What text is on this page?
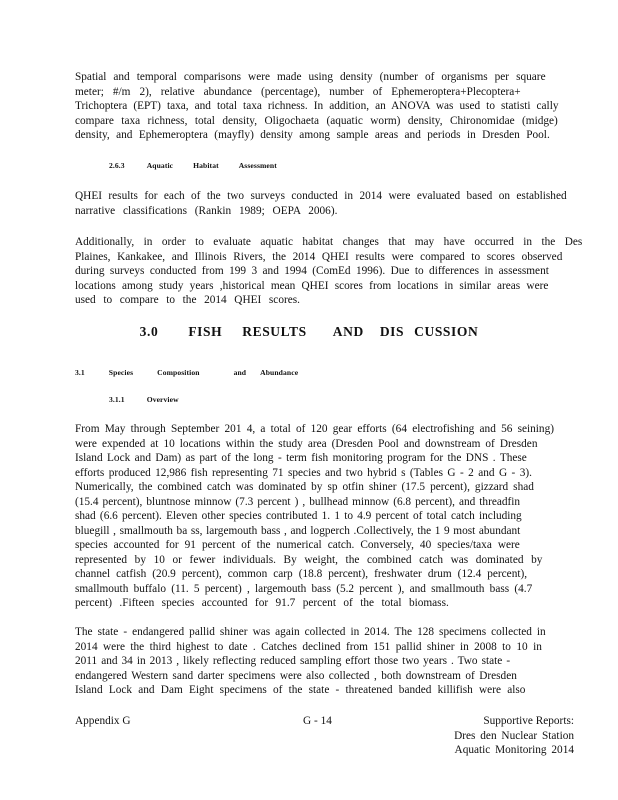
Spatial and temporal comparisons were made using density (number of organisms per square
meter; #/m 2), relative abundance (percentage), number of Ephemeroptera+Plecoptera+
Trichoptera (EPT) taxa, and total taxa richness. In addition, an ANOVA was used to statisti cally
compare taxa richness, total density, Oligochaeta (aquatic worm) density, Chironomidae (midge)
density, and Ephemeroptera (mayfly) density among sample areas and periods in Dresden Pool.
2.6.3	Aquatic	Habitat	Assessment
QHEI results for each of the two surveys conducted in 2014 were evaluated based on established
narrative classifications (Rankin 1989; OEPA 2006).
Additionally, in order to evaluate aquatic habitat changes that may have occurred in the Des
Plaines, Kankakee, and Illinois Rivers, the 2014 QHEI results were compared to scores observed
during surveys conducted from 199 3 and 1994 (ComEd 1996). Due to differences in assessment
locations among study years ,historical mean QHEI scores from locations in similar areas were
used to compare to the 2014 QHEI scores.
3.0 FISH RESULTS AND DIS CUSSION
3.1	Species	Composition	and Abundance
3.1.1	Overview
From May through September 201 4, a total of 120 gear efforts (64 electrofishing and 56 seining)
were expended at 10 locations within the study area (Dresden Pool and downstream of Dresden
Island Lock and Dam) as part of the long - term fish monitoring program for the DNS . These
efforts produced 12,986 fish representing 71 species and two hybrid s (Tables G - 2 and G - 3).
Numerically, the combined catch was dominated by sp otfin shiner (17.5 percent), gizzard shad
(15.4 percent), bluntnose minnow (7.3 percent ) , bullhead minnow (6.8 percent), and threadfin
shad (6.6 percent). Eleven other species contributed 1. 1 to 4.9 percent of total catch including
bluegill , smallmouth ba ss, largemouth bass , and logperch .Collectively, the 1 9 most abundant
species accounted for 91 percent of the numerical catch. Conversely, 40 species/taxa were
represented by 10 or fewer individuals. By weight, the combined catch was dominated by
channel catfish (20.9 percent), common carp (18.8 percent), freshwater drum (12.4 percent),
smallmouth buffalo (11. 5 percent) , largemouth bass (5.2 percent ), and smallmouth bass (4.7
percent) .Fifteen species accounted for 91.7 percent of the total biomass.
The state - endangered pallid shiner was again collected in 2014. The 128 specimens collected in
2014 were the third highest to date . Catches declined from 151 pallid shiner in 2008 to 10 in
2011 and 34 in 2013 , likely reflecting reduced sampling effort those two years . Two state -
endangered Western sand darter specimens were also collected , both downstream of Dresden
Island Lock and Dam Eight specimens of the state - threatened banded killifish were also
Appendix G	G - 14	Supportive Reports:
Dres den Nuclear Station
Aquatic Monitoring 2014
